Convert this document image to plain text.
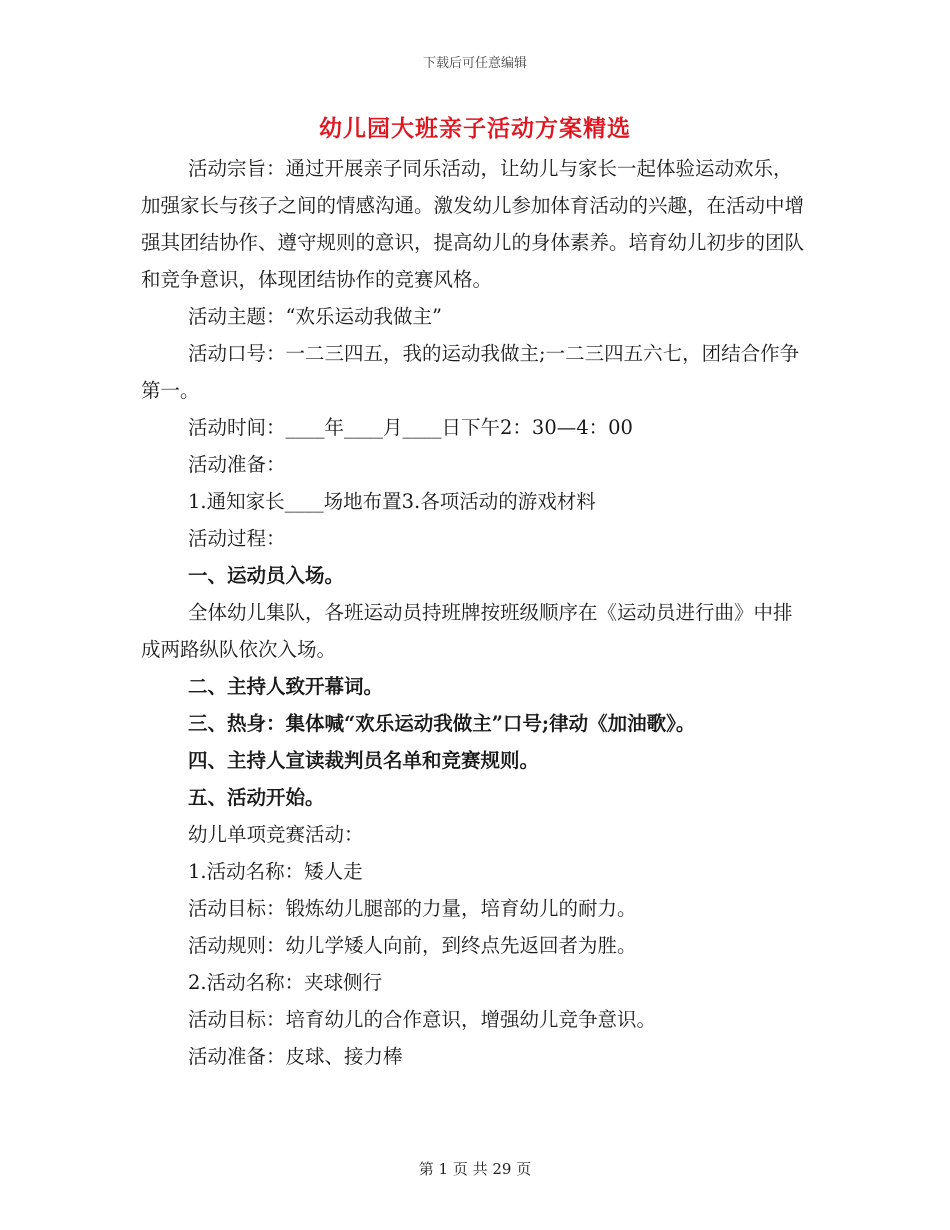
下载后可任意编辑
幼儿园大班亲子活动方案精选

活动宗旨：通过开展亲子同乐活动，让幼儿与家长一起体验运动欢乐，加强家长与孩子之间的情感沟通。激发幼儿参加体育活动的兴趣，在活动中增强其团结协作、遵守规则的意识，提高幼儿的身体素养。培育幼儿初步的团队和竞争意识，体现团结协作的竞赛风格。

活动主题：“欢乐运动我做主”

活动口号：一二三四五，我的运动我做主;一二三四五六七，团结合作争第一。

活动时间：____年____月____日下午2：30—4：00

活动准备：

1.通知家长____场地布置3.各项活动的游戏材料

活动过程：

一、运动员入场。

全体幼儿集队，各班运动员持班牌按班级顺序在《运动员进行曲》中排成两路纵队依次入场。

二、主持人致开幕词。

三、热身：集体喊“欢乐运动我做主”口号;律动《加油歌》。

四、主持人宣读裁判员名单和竞赛规则。

五、活动开始。

幼儿单项竞赛活动：

1.活动名称：矮人走

活动目标：锻炼幼儿腿部的力量，培育幼儿的耐力。

活动规则：幼儿学矮人向前，到终点先返回者为胜。

2.活动名称：夹球侧行

活动目标：培育幼儿的合作意识，增强幼儿竞争意识。

活动准备：皮球、接力棒

第 1 页 共 29 页
